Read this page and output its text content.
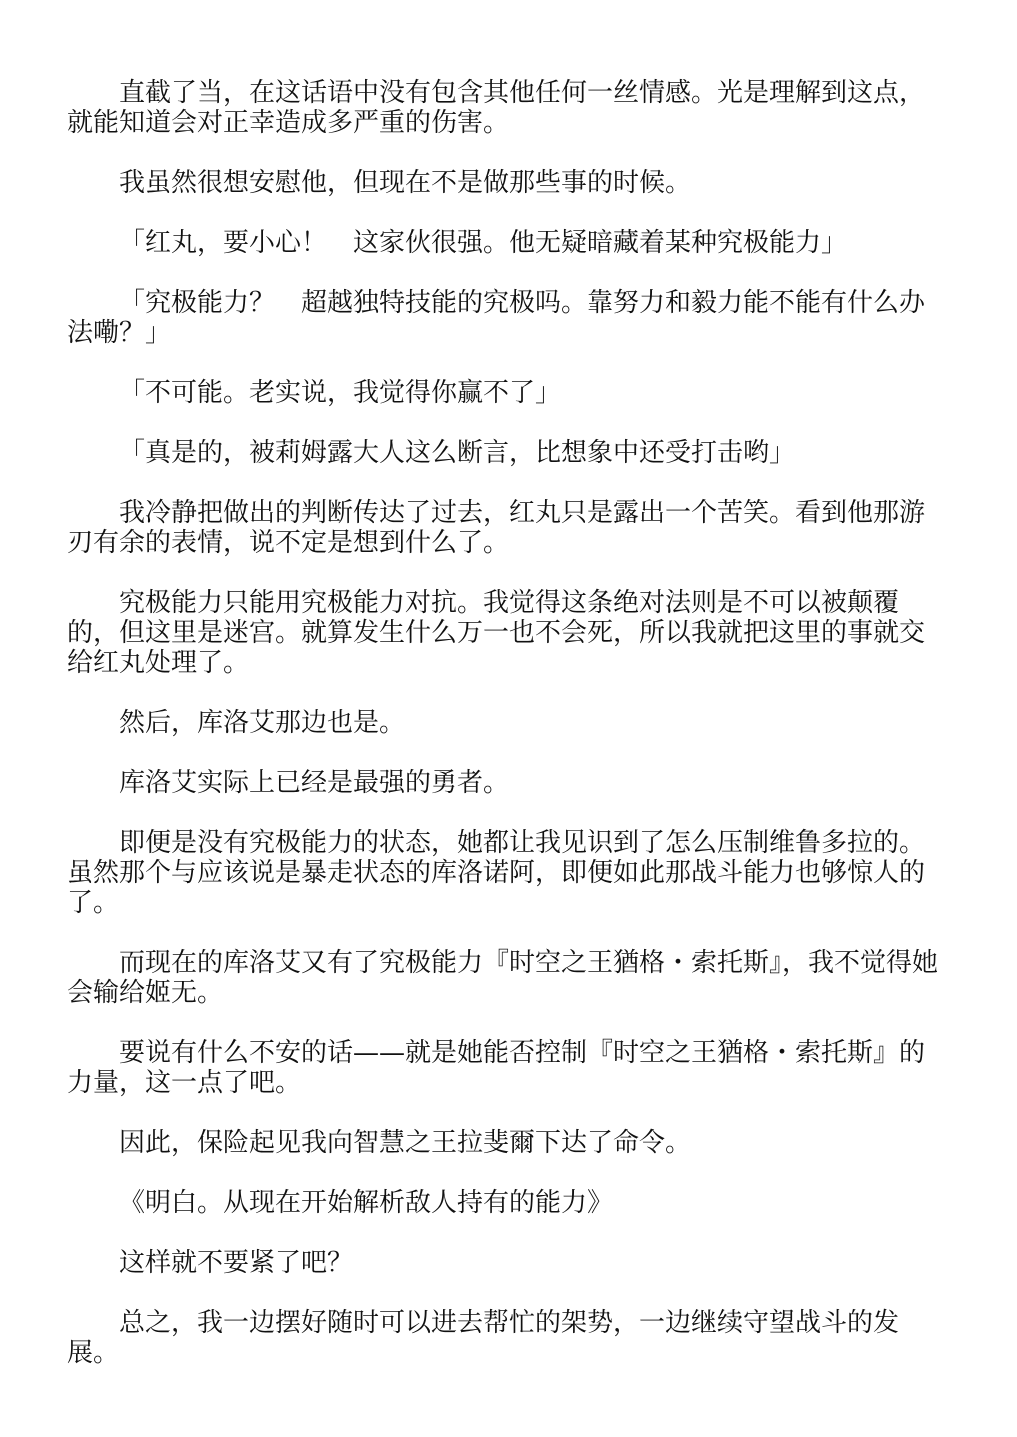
直截了当，在这话语中没有包含其他任何一丝情感。光是理解到这点，就能知道会对正幸造成多严重的伤害。

我虽然很想安慰他，但现在不是做那些事的时候。

「红丸，要小心！　这家伙很强。他无疑暗藏着某种究极能力」

「究极能力？　超越独特技能的究极吗。靠努力和毅力能不能有什么办法嘞？」

「不可能。老实说，我觉得你赢不了」

「真是的，被莉姆露大人这么断言，比想象中还受打击哟」

我冷静把做出的判断传达了过去，红丸只是露出一个苦笑。看到他那游刃有余的表情，说不定是想到什么了。

究极能力只能用究极能力对抗。我觉得这条绝对法则是不可以被颠覆的，但这里是迷宫。就算发生什么万一也不会死，所以我就把这里的事就交给红丸处理了。

然后，库洛艾那边也是。

库洛艾实际上已经是最强的勇者。

即便是没有究极能力的状态，她都让我见识到了怎么压制维鲁多拉的。虽然那个与应该说是暴走状态的库洛诺阿，即便如此那战斗能力也够惊人的了。

而现在的库洛艾又有了究极能力『时空之王猶格・索托斯』，我不觉得她会输给姬无。

要说有什么不安的话——就是她能否控制『时空之王猶格・索托斯』的力量，这一点了吧。

因此，保险起见我向智慧之王拉斐爾下达了命令。

《明白。从现在开始解析敌人持有的能力》

这样就不要紧了吧？

总之，我一边摆好随时可以进去帮忙的架势，一边继续守望战斗的发展。
